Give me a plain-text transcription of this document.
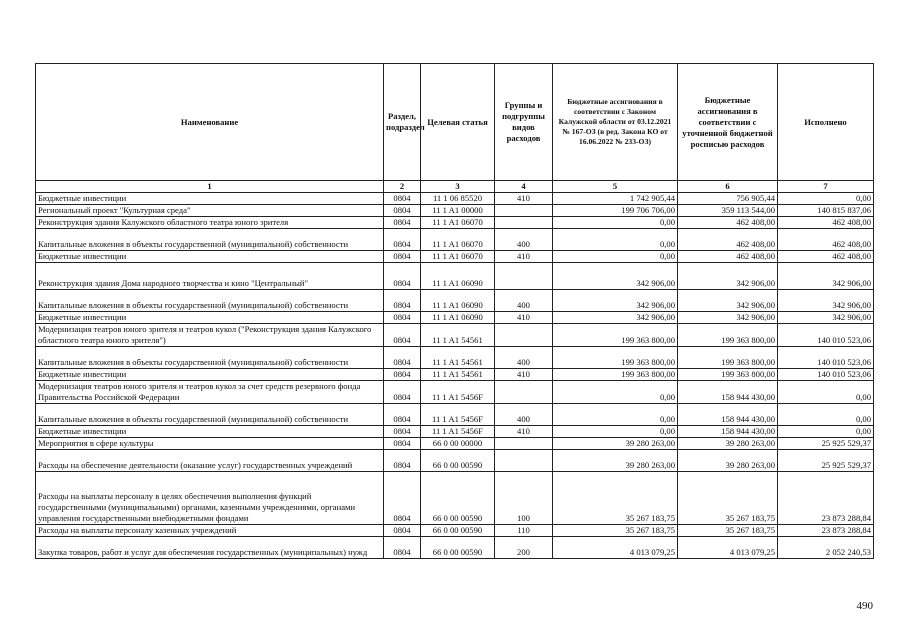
Наименование	Раздел, подраздел	Целевая статья	Группы и подгруппы видов расходов	Бюджетные ассигнования в соответствии с Законом Калужской области от 03.12.2021 № 167-ОЗ (в ред. Закона КО от 16.06.2022 № 233-ОЗ)	Бюджетные ассигнования в соответствии с уточненной бюджетной росписью расходов	Исполнено
1	2	3	4	5	6	7
Бюджетные инвестиции	0804	11 1 06 85520	410	1 742 905,44	756 905,44	0,00
Региональный проект "Культурная среда"	0804	11 1 A1 00000		199 706 706,00	359 113 544,00	140 815 837,06
Реконструкция здания Калужского областного театра юного зрителя	0804	11 1 A1 06070		0,00	462 408,00	462 408,00
Капитальные вложения в объекты государственной (муниципальной) собственности	0804	11 1 A1 06070	400	0,00	462 408,00	462 408,00
Бюджетные инвестиции	0804	11 1 A1 06070	410	0,00	462 408,00	462 408,00
Реконструкция здания Дома народного творчества и кино "Центральный"	0804	11 1 A1 06090		342 906,00	342 906,00	342 906,00
Капитальные вложения в объекты государственной (муниципальной) собственности	0804	11 1 A1 06090	400	342 906,00	342 906,00	342 906,00
Бюджетные инвестиции	0804	11 1 A1 06090	410	342 906,00	342 906,00	342 906,00
Модернизация театров юного зрителя и театров кукол ("Реконструкция здания Калужского областного театра юного зрителя")	0804	11 1 A1 54561		199 363 800,00	199 363 800,00	140 010 523,06
Капитальные вложения в объекты государственной (муниципальной) собственности	0804	11 1 A1 54561	400	199 363 800,00	199 363 800,00	140 010 523,06
Бюджетные инвестиции	0804	11 1 A1 54561	410	199 363 800,00	199 363 800,00	140 010 523,06
Модернизация театров юного зрителя и театров кукол за счет средств резервного фонда Правительства Российской Федерации	0804	11 1 A1 5456F		0,00	158 944 430,00	0,00
Капитальные вложения в объекты государственной (муниципальной) собственности	0804	11 1 A1 5456F	400	0,00	158 944 430,00	0,00
Бюджетные инвестиции	0804	11 1 A1 5456F	410	0,00	158 944 430,00	0,00
Мероприятия в сфере культуры	0804	66 0 00 00000		39 280 263,00	39 280 263,00	25 925 529,37
Расходы на обеспечение деятельности (оказание услуг) государственных учреждений	0804	66 0 00 00590		39 280 263,00	39 280 263,00	25 925 529,37
Расходы на выплаты персоналу в целях обеспечения выполнения функций государственными (муниципальными) органами, казенными учреждениями, органами управления государственными внебюджетными фондами	0804	66 0 00 00590	100	35 267 183,75	35 267 183,75	23 873 288,84
Расходы на выплаты персоналу казенных учреждений	0804	66 0 00 00590	110	35 267 183,75	35 267 183,75	23 873 288,84
Закупка товаров, работ и услуг для обеспечения государственных (муниципальных) нужд	0804	66 0 00 00590	200	4 013 079,25	4 013 079,25	2 052 240,53
490
